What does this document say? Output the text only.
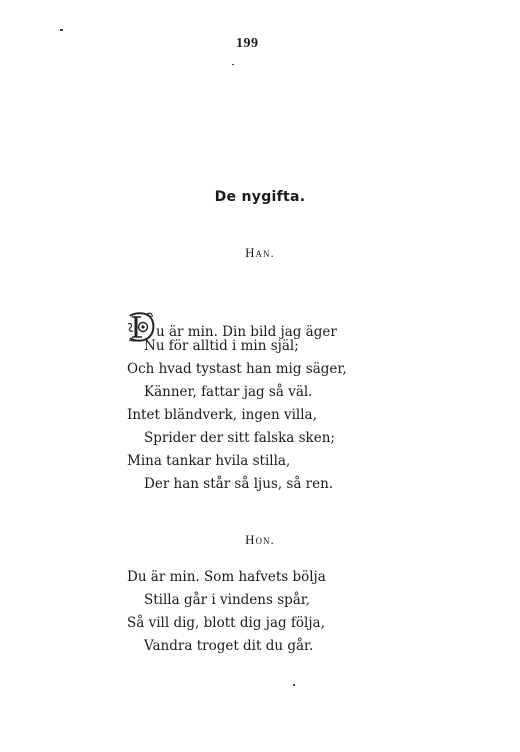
199
De nygifta.
Han.
u är min. Din bild jag äger
Nu för alltid i min själ;
Och hvad tystast han mig säger,
Känner, fattar jag så väl.
Intet bländverk, ingen villa,
Sprider der sitt falska sken;
Mina tankar hvila stilla,
Der han står så ljus, så ren.
Hon.
Du är min. Som hafvets bölja
Stilla går i vindens spår,
Så vill dig, blott dig jag följa,
Vandra troget dit du går.
